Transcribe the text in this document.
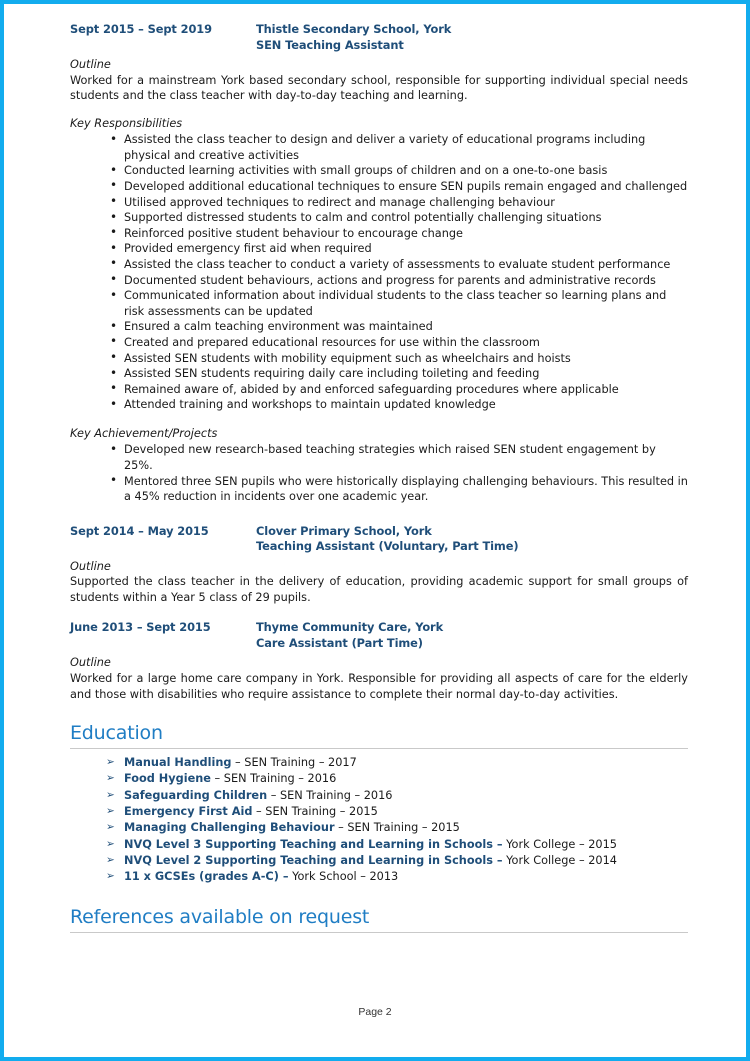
Sept 2015 – Sept 2019	Thistle Secondary School, York
SEN Teaching Assistant
Outline
Worked for a mainstream York based secondary school, responsible for supporting individual special needs students and the class teacher with day-to-day teaching and learning.
Key Responsibilities
• Assisted the class teacher to design and deliver a variety of educational programs including physical and creative activities
• Conducted learning activities with small groups of children and on a one-to-one basis
• Developed additional educational techniques to ensure SEN pupils remain engaged and challenged
• Utilised approved techniques to redirect and manage challenging behaviour
• Supported distressed students to calm and control potentially challenging situations
• Reinforced positive student behaviour to encourage change
• Provided emergency first aid when required
• Assisted the class teacher to conduct a variety of assessments to evaluate student performance
• Documented student behaviours, actions and progress for parents and administrative records
• Communicated information about individual students to the class teacher so learning plans and risk assessments can be updated
• Ensured a calm teaching environment was maintained
• Created and prepared educational resources for use within the classroom
• Assisted SEN students with mobility equipment such as wheelchairs and hoists
• Assisted SEN students requiring daily care including toileting and feeding
• Remained aware of, abided by and enforced safeguarding procedures where applicable
• Attended training and workshops to maintain updated knowledge
Key Achievement/Projects
• Developed new research-based teaching strategies which raised SEN student engagement by 25%.
• Mentored three SEN pupils who were historically displaying challenging behaviours. This resulted in a 45% reduction in incidents over one academic year.
Sept 2014 – May 2015	Clover Primary School, York
Teaching Assistant (Voluntary, Part Time)
Outline
Supported the class teacher in the delivery of education, providing academic support for small groups of students within a Year 5 class of 29 pupils.
June 2013 – Sept 2015	Thyme Community Care, York
Care Assistant (Part Time)
Outline
Worked for a large home care company in York. Responsible for providing all aspects of care for the elderly and those with disabilities who require assistance to complete their normal day-to-day activities.
Education
➢ Manual Handling – SEN Training – 2017
➢ Food Hygiene – SEN Training – 2016
➢ Safeguarding Children – SEN Training – 2016
➢ Emergency First Aid – SEN Training – 2015
➢ Managing Challenging Behaviour – SEN Training – 2015
➢ NVQ Level 3 Supporting Teaching and Learning in Schools – York College – 2015
➢ NVQ Level 2 Supporting Teaching and Learning in Schools – York College – 2014
➢ 11 x GCSEs (grades A-C) – York School – 2013
References available on request
Page 2
